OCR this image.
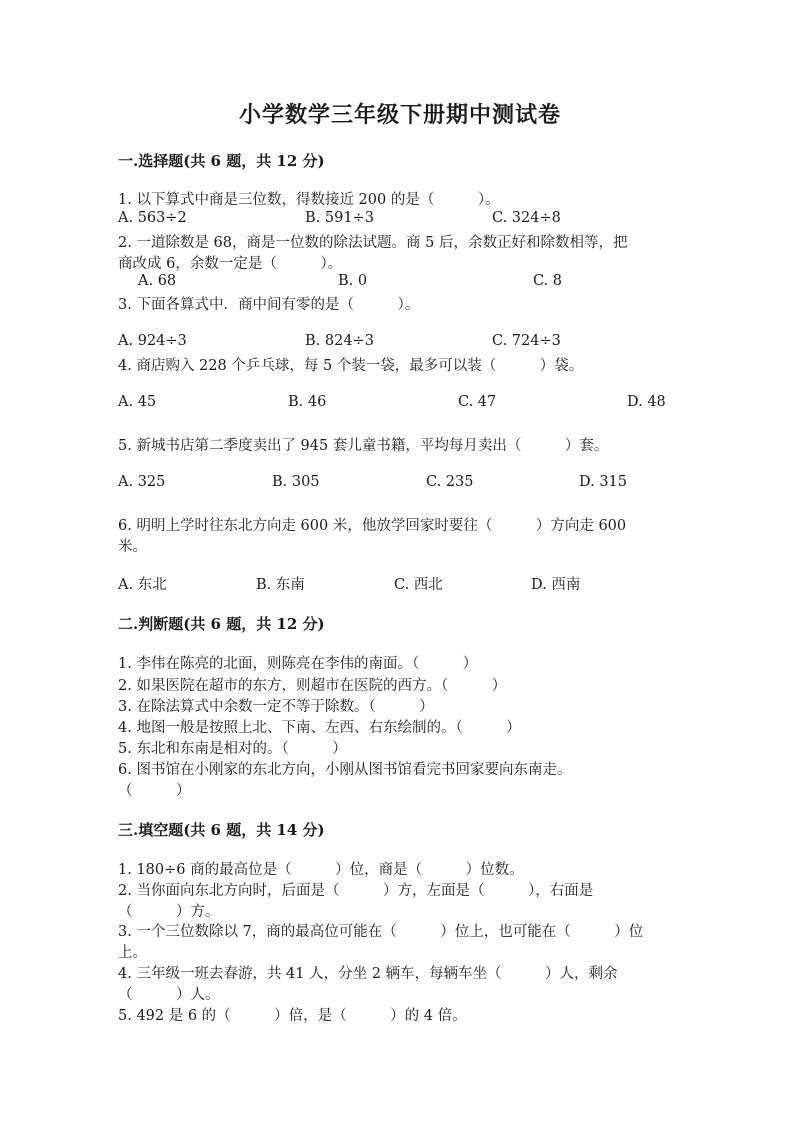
小学数学三年级下册期中测试卷
一.选择题(共 6 题，共 12 分)
1. 以下算式中商是三位数，得数接近 200 的是（　　　）。
A. 563÷2	B. 591÷3	C. 324÷8
2. 一道除数是 68，商是一位数的除法试题。商 5 后，余数正好和除数相等，把
商改成 6，余数一定是（　　　）。
A. 68	B. 0	C. 8
3. 下面各算式中．商中间有零的是（　　　）。
A. 924÷3	B. 824÷3	C. 724÷3
4. 商店购入 228 个乒乓球，每 5 个装一袋，最多可以装（　　　）袋。
A. 45	B. 46	C. 47	D. 48
5. 新城书店第二季度卖出了 945 套儿童书籍，平均每月卖出（　　　）套。
A. 325	B. 305	C. 235	D. 315
6. 明明上学时往东北方向走 600 米，他放学回家时要往（　　　）方向走 600
米。
A. 东北	B. 东南	C. 西北	D. 西南
二.判断题(共 6 题，共 12 分)
1. 李伟在陈亮的北面，则陈亮在李伟的南面。（　　　）
2. 如果医院在超市的东方，则超市在医院的西方。（　　　）
3. 在除法算式中余数一定不等于除数。（　　　）
4. 地图一般是按照上北、下南、左西、右东绘制的。（　　　）
5. 东北和东南是相对的。（　　　）
6. 图书馆在小刚家的东北方向，小刚从图书馆看完书回家要向东南走。
（　　　）
三.填空题(共 6 题，共 14 分)
1. 180÷6 商的最高位是（　　　）位，商是（　　　）位数。
2. 当你面向东北方向时，后面是（　　　）方，左面是（　　　），右面是
（　　　）方。
3. 一个三位数除以 7，商的最高位可能在（　　　）位上，也可能在（　　　）位
上。
4. 三年级一班去春游，共 41 人，分坐 2 辆车，每辆车坐（　　　）人，剩余
（　　　）人。
5. 492 是 6 的（　　　）倍，是（　　　）的 4 倍。
